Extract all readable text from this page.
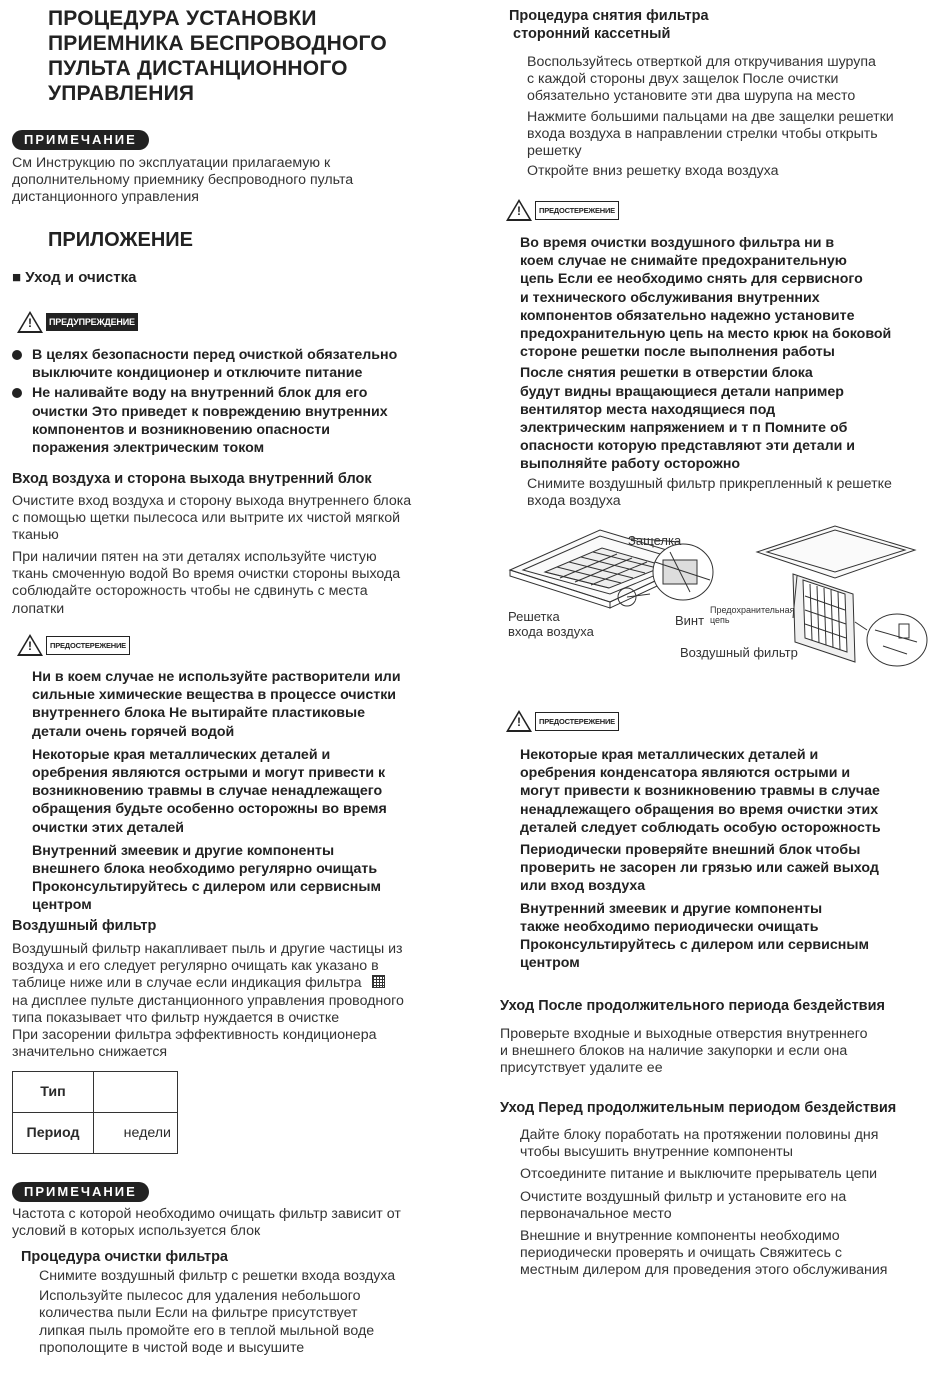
ПРОЦЕДУРА УСТАНОВКИ
ПРИЕМНИКА БЕСПРОВОДНОГО
ПУЛЬТА ДИСТАНЦИОННОГО
УПРАВЛЕНИЯ
ПРИМЕЧАНИЕ
См Инструкцию по эксплуатации прилагаемую к
дополнительному приемнику беспроводного пульта
дистанционного управления
ПРИЛОЖЕНИЕ
■ Уход и очистка
!	ПРЕДУПРЕЖДЕНИЕ
В целях безопасности перед очисткой обязательно
выключите кондиционер и отключите питание
Не наливайте воду на внутренний блок для его
очистки Это приведет к повреждению внутренних
компонентов и возникновению опасности
поражения электрическим током
Вход воздуха и сторона выхода внутренний блок
Очистите вход воздуха и сторону выхода внутреннего блока
с помощью щетки пылесоса или вытрите их чистой мягкой
тканью
При наличии пятен на эти деталях используйте чистую
ткань смоченную водой Во время очистки стороны выхода
соблюдайте осторожность чтобы не сдвинуть с места
лопатки
!	ПРЕДОСТЕРЕЖЕНИЕ
Ни в коем случае не используйте растворители или
сильные химические вещества в процессе очистки
внутреннего блока Не вытирайте пластиковые
детали очень горячей водой
Некоторые края металлических деталей и
оребрения являются острыми и могут привести к
возникновению травмы в случае ненадлежащего
обращения будьте особенно осторожны во время
очистки этих деталей
Внутренний змеевик и другие компоненты
внешнего блока необходимо регулярно очищать
Проконсультируйтесь с дилером или сервисным
центром
Воздушный фильтр
Воздушный фильтр накапливает пыль и другие частицы из
воздуха и его следует регулярно очищать как указано в
таблице ниже или в случае если индикация фильтра
на дисплее пульте дистанционного управления проводного
типа показывает что фильтр нуждается в очистке
При засорении фильтра эффективность кондиционера
значительно снижается
Тип	
Период	недели
ПРИМЕЧАНИЕ
Частота с которой необходимо очищать фильтр зависит от
условий в которых используется блок
Процедура очистки фильтра
Снимите воздушный фильтр с решетки входа воздуха
Используйте пылесос для удаления небольшого
количества пыли Если на фильтре присутствует
липкая пыль промойте его в теплой мыльной воде
прополощите в чистой воде и высушите
Процедура снятия фильтра
сторонний кассетный
Воспользуйтесь отверткой для откручивания шурупа
с каждой стороны двух защелок После очистки
обязательно установите эти два шурупа на место
Нажмите большими пальцами на две защелки решетки
входа воздуха в направлении стрелки чтобы открыть
решетку
Откройте вниз решетку входа воздуха
!	ПРЕДОСТЕРЕЖЕНИЕ
Во время очистки воздушного фильтра ни в
коем случае не снимайте предохранительную
цепь Если ее необходимо снять для сервисного
и технического обслуживания внутренних
компонентов обязательно надежно установите
предохранительную цепь на место крюк на боковой
стороне решетки после выполнения работы
После снятия решетки в отверстии блока
будут видны вращающиеся детали например
вентилятор места находящиеся под
электрическим напряжением и т п Помните об
опасности которую представляют эти детали и
выполняйте работу осторожно
Снимите воздушный фильтр прикрепленный к решетке
входа воздуха
Защелка
Решетка
входа воздуха
Винт
Предохранительная
цепь
Воздушный фильтр
!	ПРЕДОСТЕРЕЖЕНИЕ
Некоторые края металлических деталей и
оребрения конденсатора являются острыми и
могут привести к возникновению травмы в случае
ненадлежащего обращения во время очистки этих
деталей следует соблюдать особую осторожность
Периодически проверяйте внешний блок чтобы
проверить не засорен ли грязью или сажей выход
или вход воздуха
Внутренний змеевик и другие компоненты
также необходимо периодически очищать
Проконсультируйтесь с дилером или сервисным
центром
Уход После продолжительного периода бездействия
Проверьте входные и выходные отверстия внутреннего
и внешнего блоков на наличие закупорки и если она
присутствует удалите ее
Уход Перед продолжительным периодом бездействия
Дайте блоку поработать на протяжении половины дня
чтобы высушить внутренние компоненты
Отсоедините питание и выключите прерыватель цепи
Очистите воздушный фильтр и установите его на
первоначальное место
Внешние и внутренние компоненты необходимо
периодически проверять и очищать Свяжитесь с
местным дилером для проведения этого обслуживания
